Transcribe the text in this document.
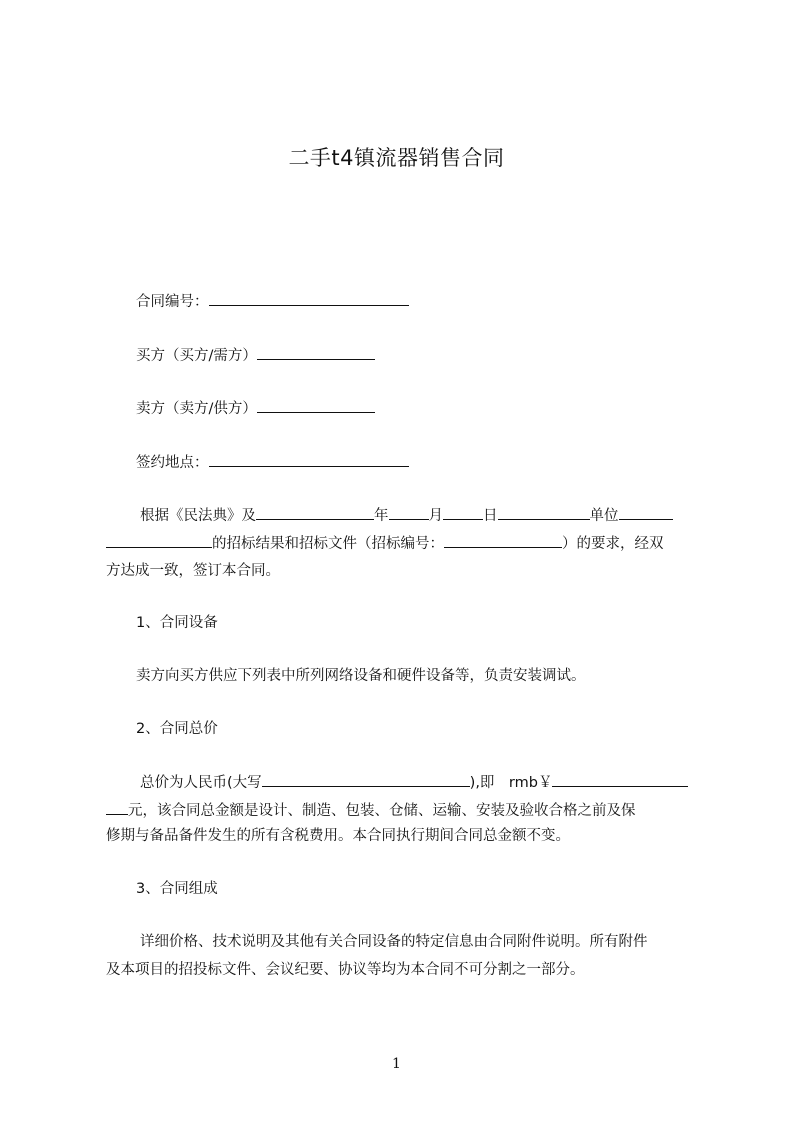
二手t4镇流器销售合同
合同编号：
买方（买方/需方）
卖方（卖方/供方）
签约地点：
根据《民法典》及	年	月	日	单位
的招标结果和招标文件（招标编号：	）的要求，经双
方达成一致，签订本合同。
1、合同设备
卖方向买方供应下列表中所列网络设备和硬件设备等，负责安装调试。
2、合同总价
总价为人民币(大写	),即　rmb￥
元，该合同总金额是设计、制造、包装、仓储、运输、安装及验收合格之前及保
修期与备品备件发生的所有含税费用。本合同执行期间合同总金额不变。
3、合同组成
详细价格、技术说明及其他有关合同设备的特定信息由合同附件说明。所有附件
及本项目的招投标文件、会议纪要、协议等均为本合同不可分割之一部分。
1
